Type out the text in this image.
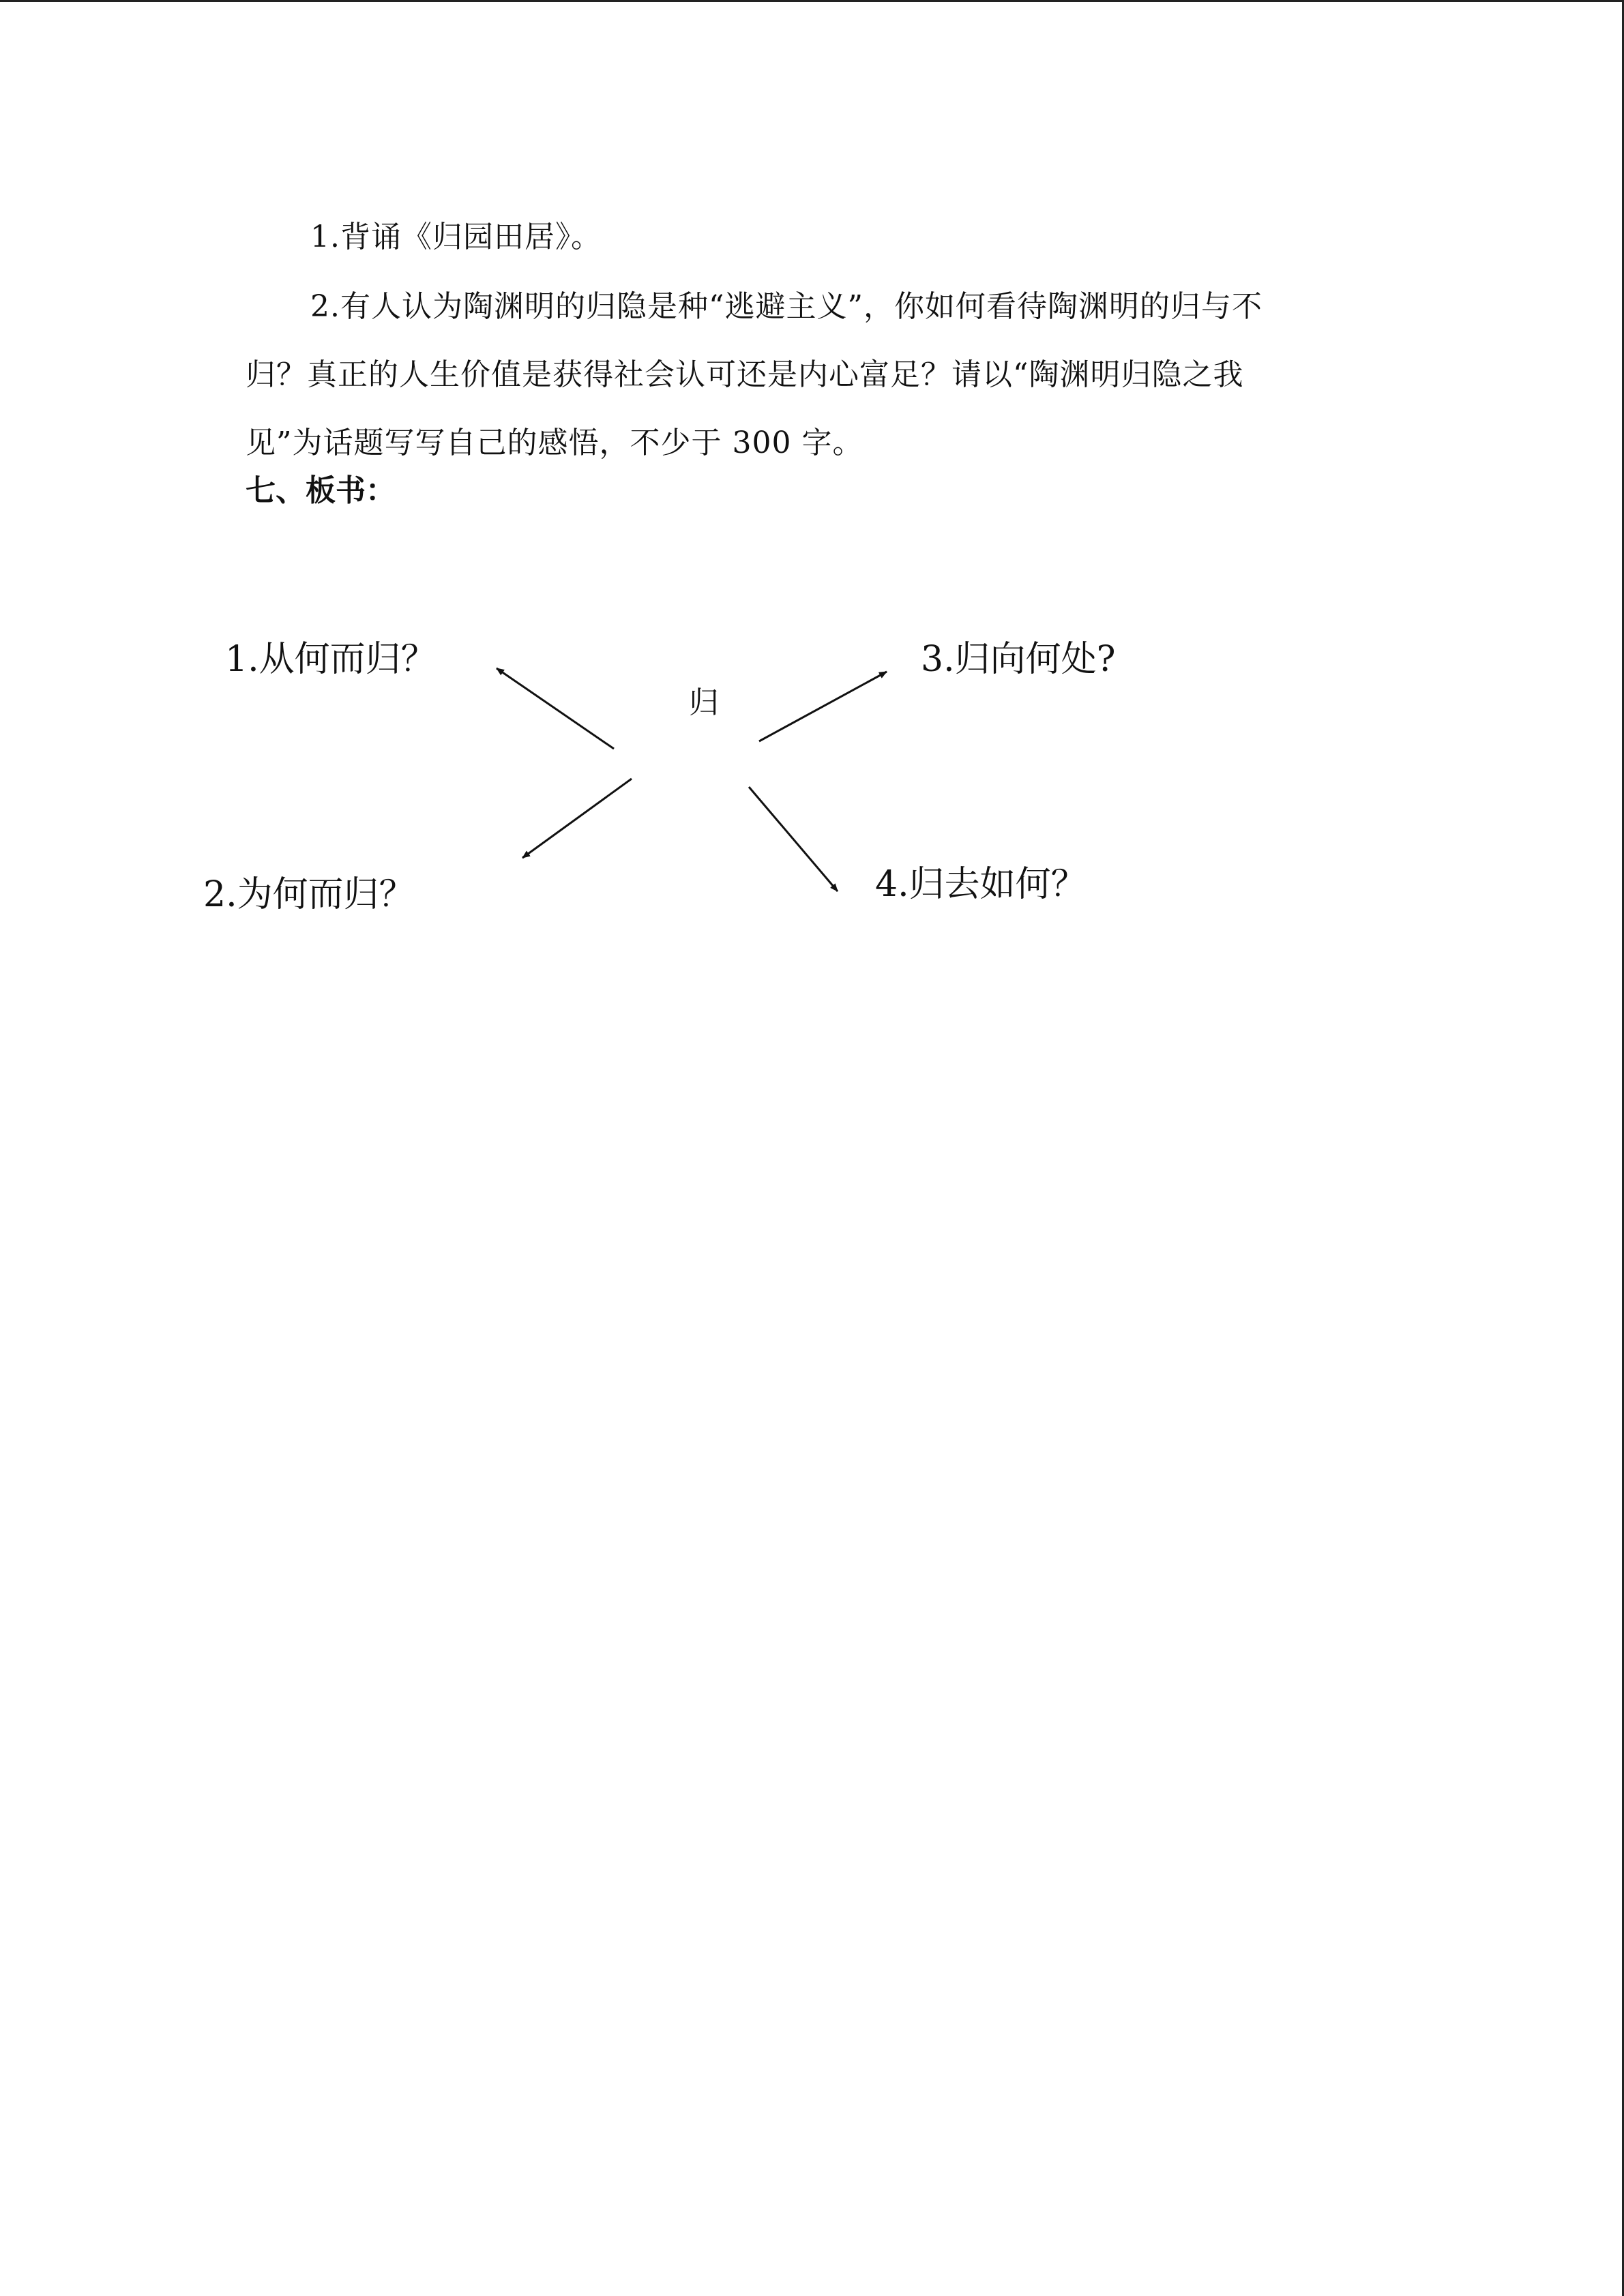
1.背诵《归园田居》。
2.有人认为陶渊明的归隐是种“逃避主义”，你如何看待陶渊明的归与不
归？真正的人生价值是获得社会认可还是内心富足？请以“陶渊明归隐之我
见”为话题写写自己的感悟，不少于 300 字。
七、板书：
1.从何而归？	3.归向何处?
归
2.为何而归？	4.归去如何？
